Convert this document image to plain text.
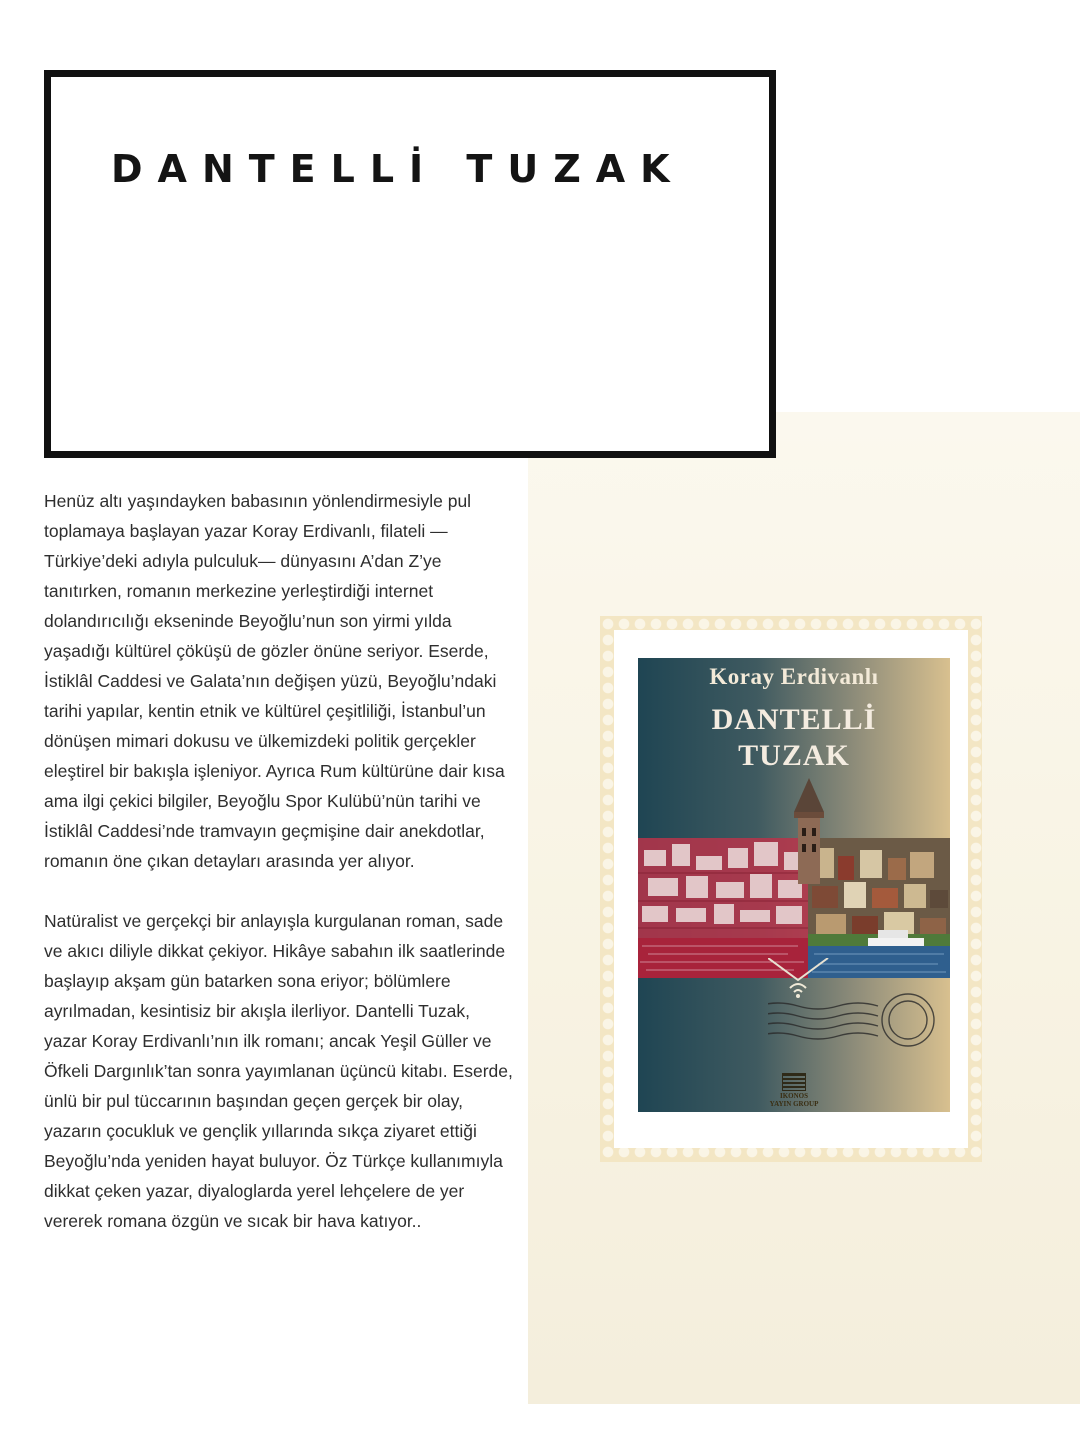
DANTELLİ TUZAK

Henüz altı yaşındayken babasının yönlendirmesiyle pul toplamaya başlayan yazar Koray Erdivanlı, filateli —Türkiye’deki adıyla pulculuk— dünyasını A’dan Z’ye tanıtırken, romanın merkezine yerleştirdiği internet dolandırıcılığı ekseninde Beyoğlu’nun son yirmi yılda yaşadığı kültürel çöküşü de gözler önüne seriyor. Eserde, İstiklâl Caddesi ve Galata’nın değişen yüzü, Beyoğlu’ndaki tarihi yapılar, kentin etnik ve kültürel çeşitliliği, İstanbul’un dönüşen mimari dokusu ve ülkemizdeki politik gerçekler eleştirel bir bakışla işleniyor. Ayrıca Rum kültürüne dair kısa ama ilgi çekici bilgiler, Beyoğlu Spor Kulübü’nün tarihi ve İstiklâl Caddesi’nde tramvayın geçmişine dair anekdotlar, romanın öne çıkan detayları arasında yer alıyor.

Natüralist ve gerçekçi bir anlayışla kurgulanan roman, sade ve akıcı diliyle dikkat çekiyor. Hikâye sabahın ilk saatlerinde başlayıp akşam gün batarken sona eriyor; bölümlere ayrılmadan, kesintisiz bir akışla ilerliyor. Dantelli Tuzak, yazar Koray Erdivanlı’nın ilk romanı; ancak Yeşil Güller ve Öfkeli Dargınlık’tan sonra yayımlanan üçüncü kitabı. Eserde, ünlü bir pul tüccarının başından geçen gerçek bir olay, yazarın çocukluk ve gençlik yıllarında sıkça ziyaret ettiği Beyoğlu’nda yeniden hayat buluyor. Öz Türkçe kullanımıyla dikkat çeken yazar, diyaloglarda yerel lehçelere de yer vererek romana özgün ve sıcak bir hava katıyor..

Koray Erdivanlı
DANTELLİ
TUZAK
IKONOS
YAYIN GROUP
